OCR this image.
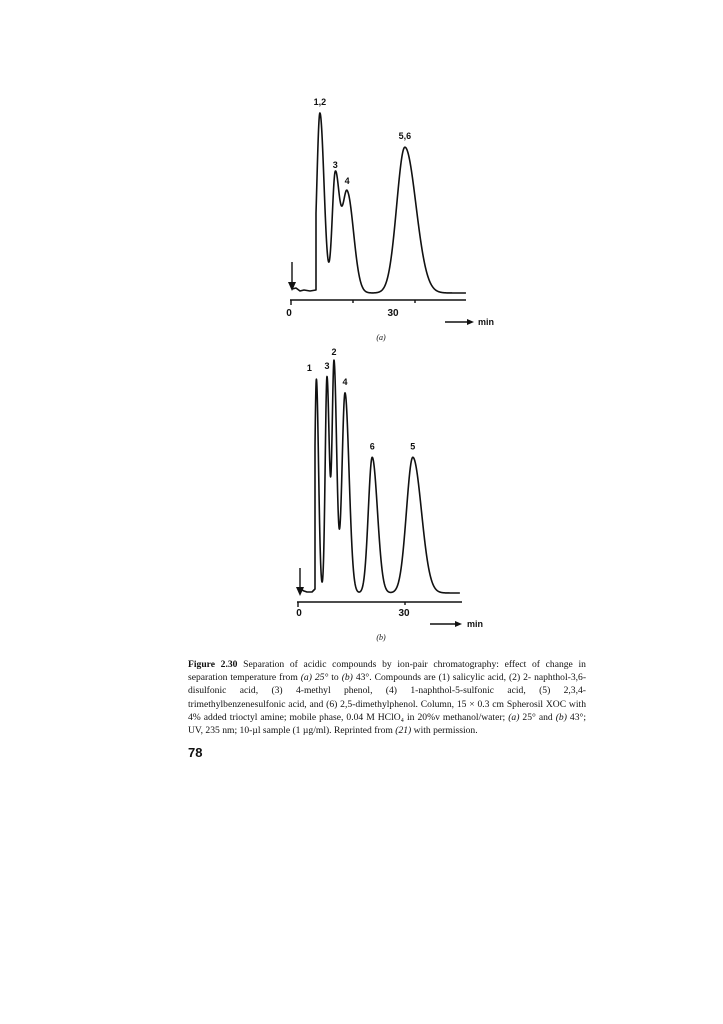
0	30
min
(a)
1,2
3
4
5,6
0	30
min
(b)
1 3
2
4
6	5
Figure 2.30 Separation of acidic compounds by ion-pair chromatography: effect of change in separation temperature from (a) 25° to (b) 43°. Compounds are (1) salicylic acid, (2) 2- naphthol-3,6-disulfonic acid, (3) 4-methyl phenol, (4) 1-naphthol-5-sulfonic acid, (5) 2,3,4- trimethylbenzenesulfonic acid, and (6) 2,5-dimethylphenol. Column, 15 × 0.3 cm Spherosil XOC with 4% added trioctyl amine; mobile phase, 0.04 M HClO₄ in 20%v methanol/water; (a) 25° and (b) 43°; UV, 235 nm; 10-µl sample (1 µg/ml). Reprinted from (21) with permission.
78
